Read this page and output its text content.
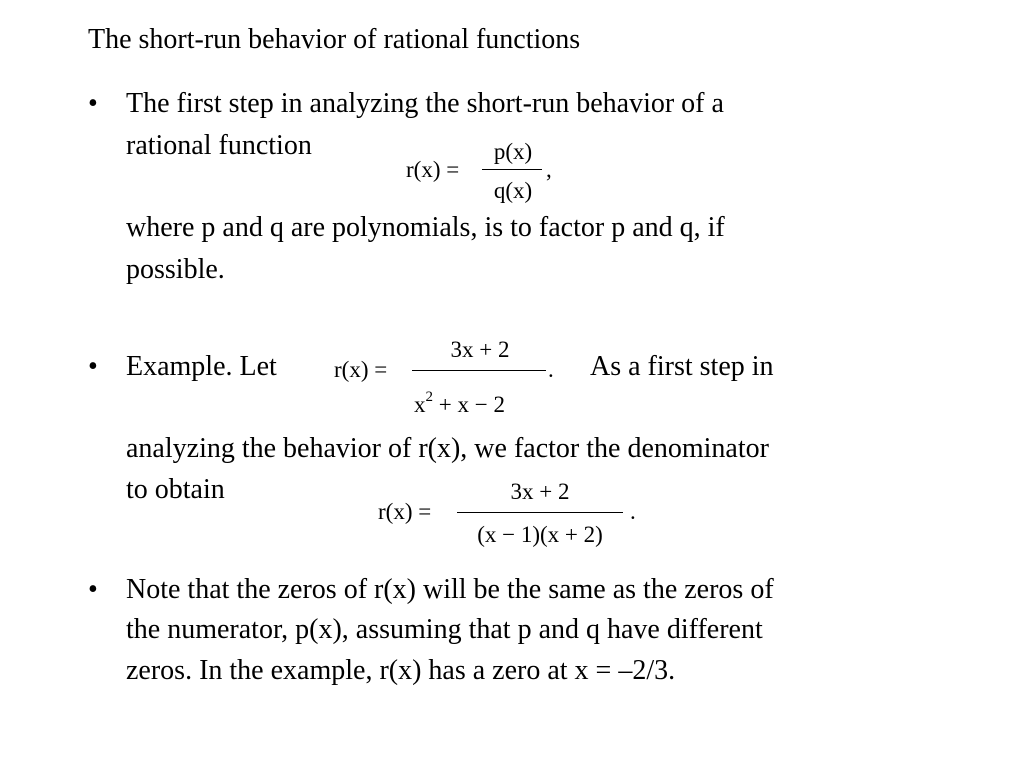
The short-run behavior of rational functions
• The first step in analyzing the short-run behavior of a
rational function
r(x) =
p(x)
q(x)
,
where p and q are polynomials, is to factor p and q, if
possible.
• Example. Let r(x) =
3x + 2
$x^2 + x - 2$
. As a first step in
analyzing the behavior of r(x), we factor the denominator
to obtain
r(x) =
3x + 2
(x − 1)(x + 2)
.
• Note that the zeros of r(x) will be the same as the zeros of
the numerator, p(x), assuming that p and q have different
zeros. In the example, r(x) has a zero at x = –2/3.
